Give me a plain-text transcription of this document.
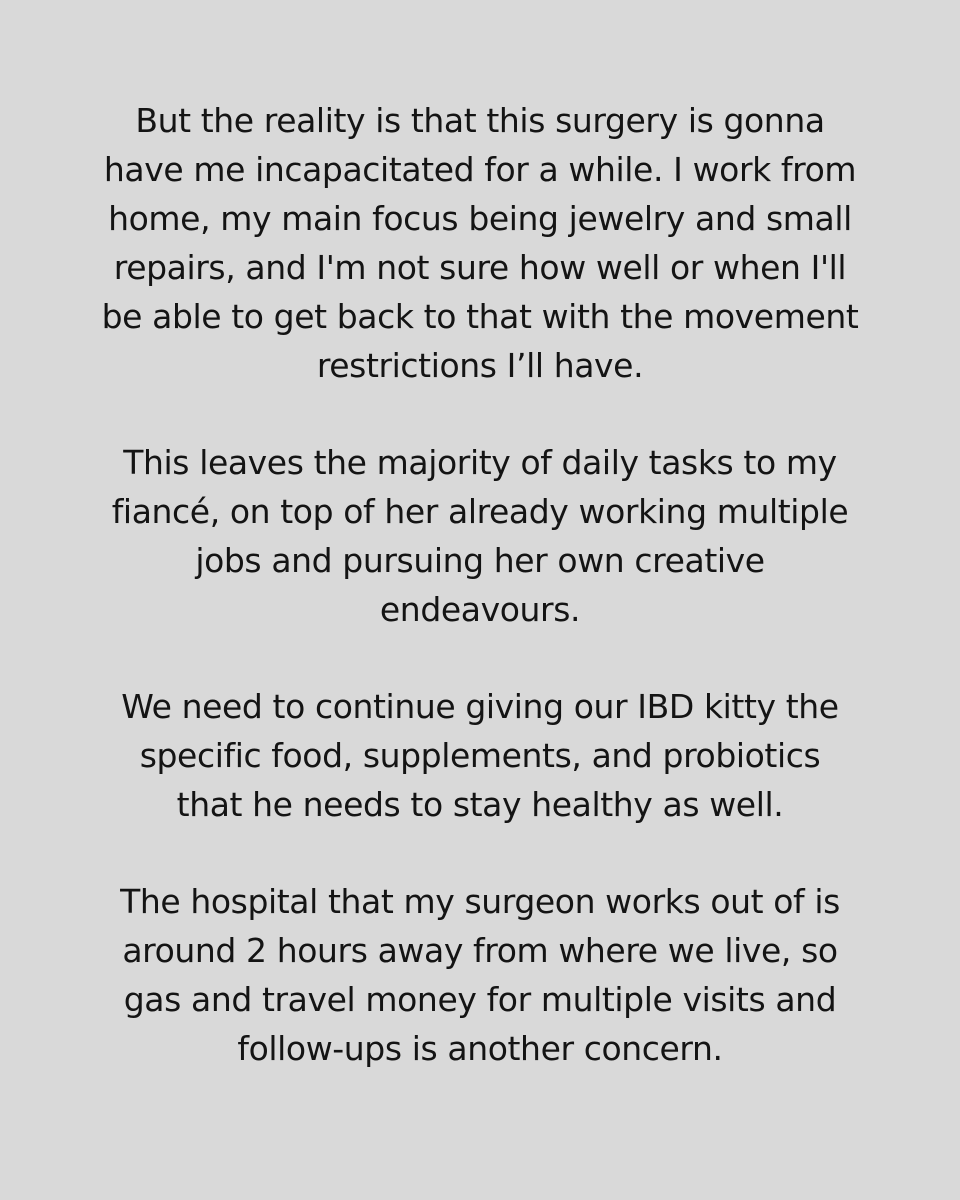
But the reality is that this surgery is gonna
have me incapacitated for a while. I work from
home, my main focus being jewelry and small
repairs, and I'm not sure how well or when I'll
be able to get back to that with the movement
restrictions I’ll have.

This leaves the majority of daily tasks to my
fiancé, on top of her already working multiple
jobs and pursuing her own creative
endeavours.

We need to continue giving our IBD kitty the
specific food, supplements, and probiotics
that he needs to stay healthy as well.

The hospital that my surgeon works out of is
around 2 hours away from where we live, so
gas and travel money for multiple visits and
follow-ups is another concern.
